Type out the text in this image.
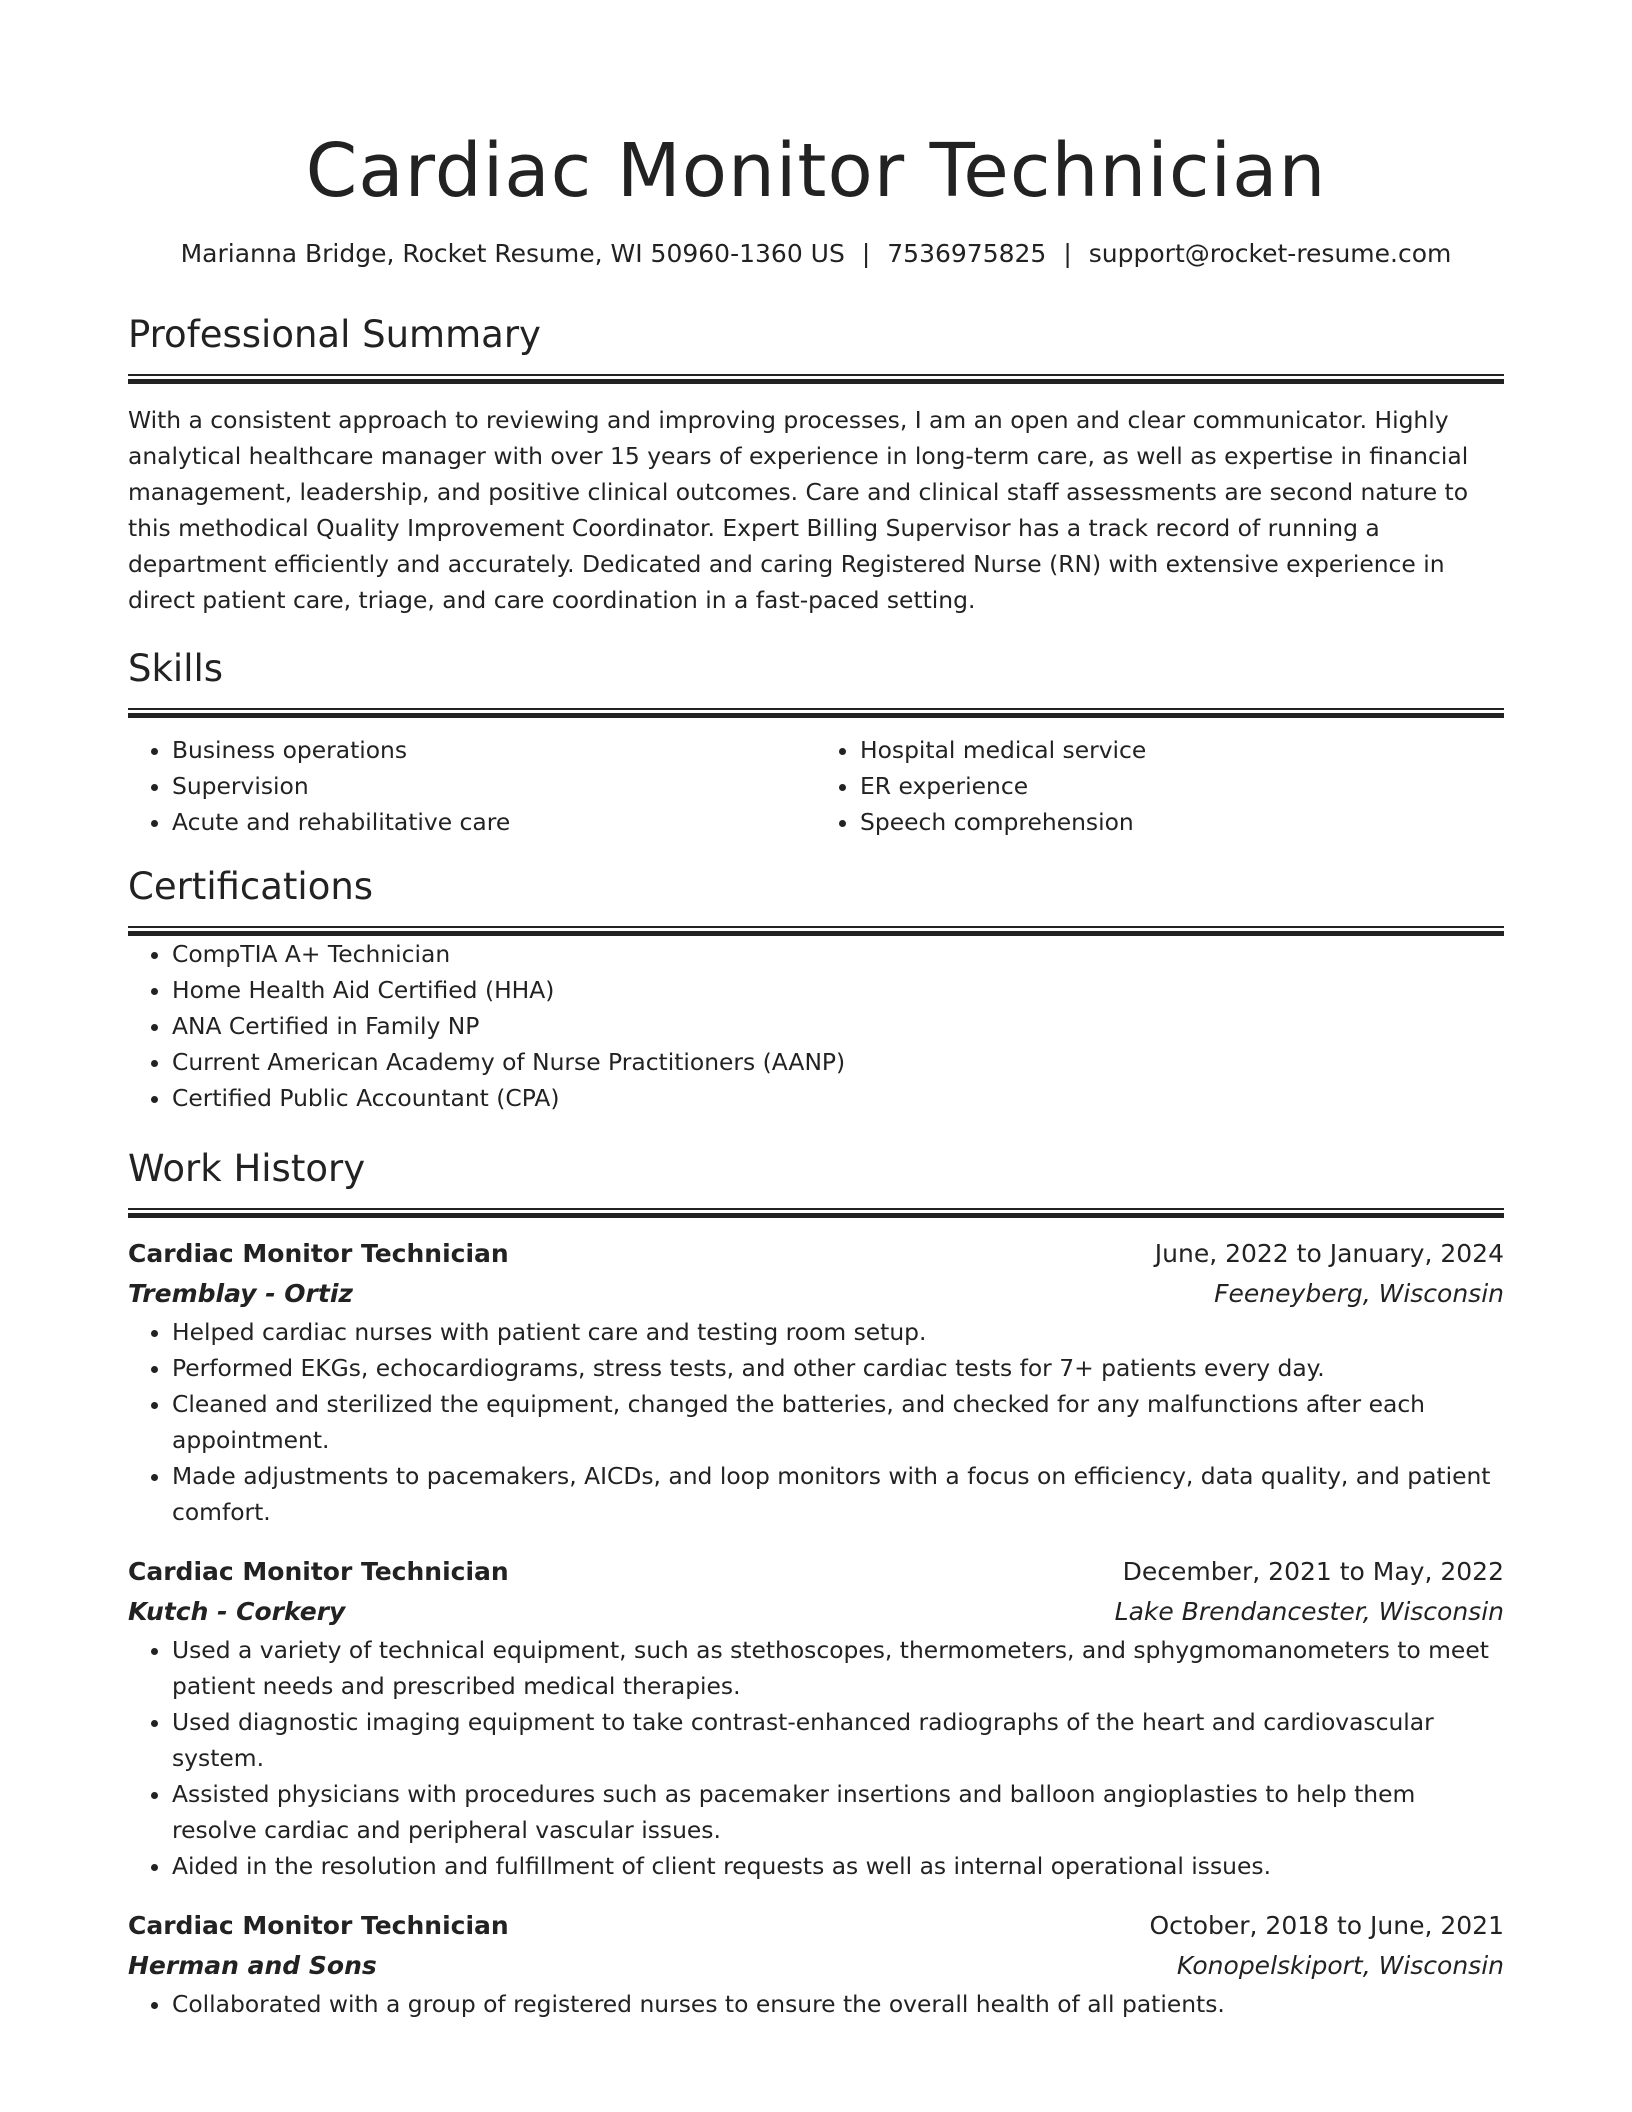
Cardiac Monitor Technician
Marianna Bridge, Rocket Resume, WI 50960-1360 US | 7536975825 | support@rocket-resume.com
Professional Summary

With a consistent approach to reviewing and improving processes, I am an open and clear communicator. Highly analytical healthcare manager with over 15 years of experience in long-term care, as well as expertise in financial management, leadership, and positive clinical outcomes. Care and clinical staff assessments are second nature to this methodical Quality Improvement Coordinator. Expert Billing Supervisor has a track record of running a department efficiently and accurately. Dedicated and caring Registered Nurse (RN) with extensive experience in direct patient care, triage, and care coordination in a fast-paced setting.

Skills
• Business operations
• Supervision
• Acute and rehabilitative care
• Hospital medical service
• ER experience
• Speech comprehension
Certifications
• CompTIA A+ Technician
• Home Health Aid Certified (HHA)
• ANA Certified in Family NP
• Current American Academy of Nurse Practitioners (AANP)
• Certified Public Accountant (CPA)
Work History
Cardiac Monitor Technician	June, 2022 to January, 2024
Tremblay - Ortiz	Feeneyberg, Wisconsin
• Helped cardiac nurses with patient care and testing room setup.
• Performed EKGs, echocardiograms, stress tests, and other cardiac tests for 7+ patients every day.
• Cleaned and sterilized the equipment, changed the batteries, and checked for any malfunctions after each appointment.
• Made adjustments to pacemakers, AICDs, and loop monitors with a focus on efficiency, data quality, and patient comfort.
Cardiac Monitor Technician	December, 2021 to May, 2022
Kutch - Corkery	Lake Brendancester, Wisconsin
• Used a variety of technical equipment, such as stethoscopes, thermometers, and sphygmomanometers to meet patient needs and prescribed medical therapies.
• Used diagnostic imaging equipment to take contrast-enhanced radiographs of the heart and cardiovascular system.
• Assisted physicians with procedures such as pacemaker insertions and balloon angioplasties to help them resolve cardiac and peripheral vascular issues.
• Aided in the resolution and fulfillment of client requests as well as internal operational issues.
Cardiac Monitor Technician	October, 2018 to June, 2021
Herman and Sons	Konopelskiport, Wisconsin
• Collaborated with a group of registered nurses to ensure the overall health of all patients.
